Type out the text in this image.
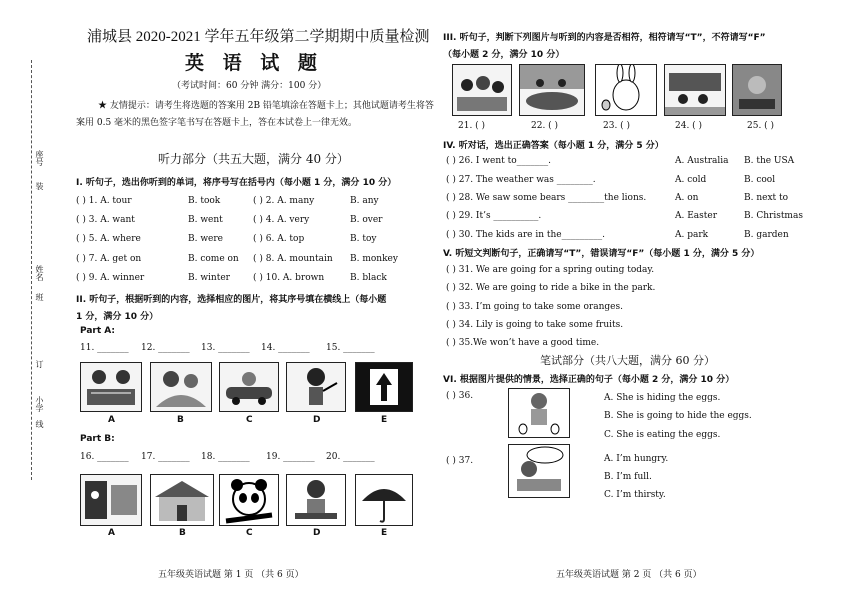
座号
装
姓名
班
订
小学
线
浦城县 2020-2021 学年五年级第二学期期中质量检测
英 语 试 题
（考试时间：60 分钟 满分：100 分）
★ 友情提示：请考生将选题的答案用 2B 铅笔填涂在答题卡上；其他试题请考生将答
案用 0.5 毫米的黑色签字笔书写在答题卡上，答在本试卷上一律无效。
听力部分（共五大题，满分 40 分）
I. 听句子，选出你听到的单词，将序号写在括号内（每小题 1 分，满分 10 分）
( ) 1. A. tour	B. took	( ) 2. A. many	B. any
( ) 3. A. want	B. went	( ) 4. A. very	B. over
( ) 5. A. where	B. were	( ) 6. A. top	B. toy
( ) 7. A. get on	B. come on ( ) 8. A. mountain B. monkey
( ) 9. A. winner	B. winter	( ) 10. A. brown	B. black
II. 听句子，根据听到的内容，选择相应的图片，将其序号填在横线上（每小题
1 分，满分 10 分）
Part A:
11. _______ 12. _______ 13. _______ 14. _______ 15. _______
A	B	C	D	E
Part B:
16. _______ 17. _______ 18. _______ 19. _______ 20. _______
A	B	C	D	E
五年级英语试题 第 1 页 （共 6 页）
III. 听句子，判断下列图片与听到的内容是否相符，相符请写“T”，不符请写“F”
（每小题 2 分，满分 10 分）
21. ( )	22. ( )	23. ( )	24. ( )	25. ( )
IV. 听对话，选出正确答案（每小题 1 分，满分 5 分）
( ) 26. I went to_______.	A. Australia B. the USA
( ) 27. The weather was ________.	A. cold	B. cool
( ) 28. We saw some bears ________the lions.	A. on	B. next to
( ) 29. It’s __________.	A. Easter	B. Christmas
( ) 30. The kids are in the_________.	A. park	B. garden
V. 听短文判断句子，正确请写“T”，错误请写“F”（每小题 1 分，满分 5 分）
( ) 31. We are going for a spring outing today.
( ) 32. We are going to ride a bike in the park.
( ) 33. I’m going to take some oranges.
( ) 34. Lily is going to take some fruits.
( ) 35.We won’t have a good time.
笔试部分（共八大题，满分 60 分）
VI. 根据图片提供的情景，选择正确的句子（每小题 2 分，满分 10 分）
( ) 36.	A. She is hiding the eggs.
B. She is going to hide the eggs.
C. She is eating the eggs.
( ) 37.	A. I’m hungry.
B. I’m full.
C. I’m thirsty.
五年级英语试题 第 2 页 （共 6 页）
